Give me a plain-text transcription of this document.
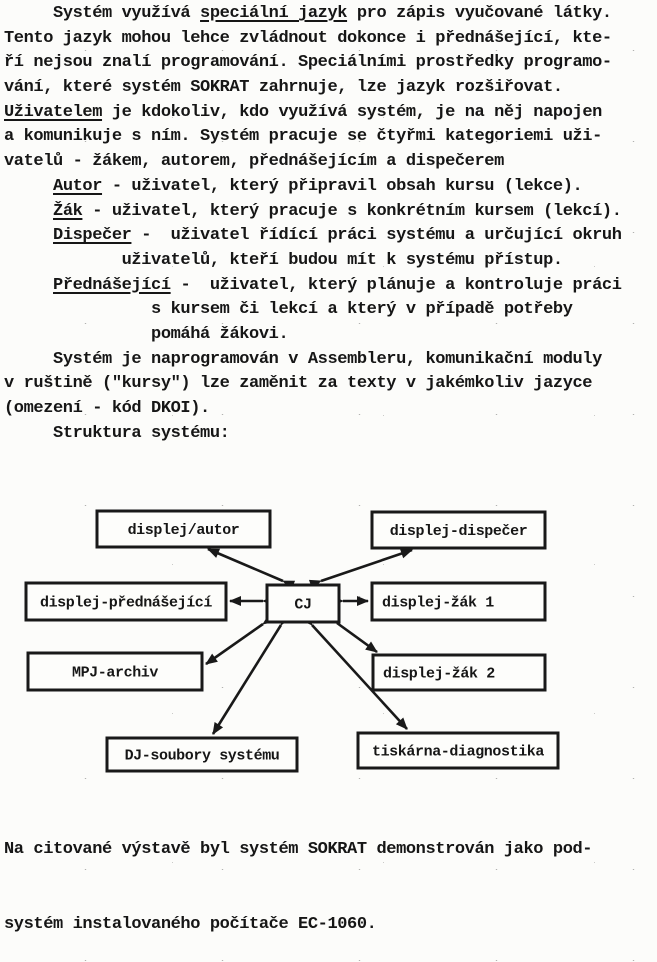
Systém využívá speciální jazyk pro zápis vyučované látky.
Tento jazyk mohou lehce zvládnout dokonce i přednášející, kte-
ří nejsou znalí programování. Speciálními prostředky programo-
vání, které systém SOKRAT zahrnuje, lze jazyk rozšiřovat.
Uživatelem je kdokoliv, kdo využívá systém, je na něj napojen
a komunikuje s ním. Systém pracuje se čtyřmi kategoriemi uži-
vatelů - žákem, autorem, přednášejícím a dispečerem
Autor - uživatel, který připravil obsah kursu (lekce).
Žák - uživatel, který pracuje s konkrétním kursem (lekcí).
Dispečer -  uživatel řídící práci systému a určující okruh
uživatelů, kteří budou mít k systému přístup.
Přednášející -  uživatel, který plánuje a kontroluje práci
s kursem či lekcí a který v případě potřeby
pomáhá žákovi.
Systém je naprogramován v Assembleru, komunikační moduly
v ruštině ("kursy") lze zaměnit za texty v jakémkoliv jazyce
(omezení - kód DKOI).
Struktura systému:
displej/autor	displej-dispečer
displej-přednášející	CJ	displej-žák 1
MPJ-archiv	displej-žák 2
DJ-soubory systému	tiskárna-diagnostika

Na citované výstavě byl systém SOKRAT demonstrován jako pod-

systém instalovaného počítače EC-1060.
